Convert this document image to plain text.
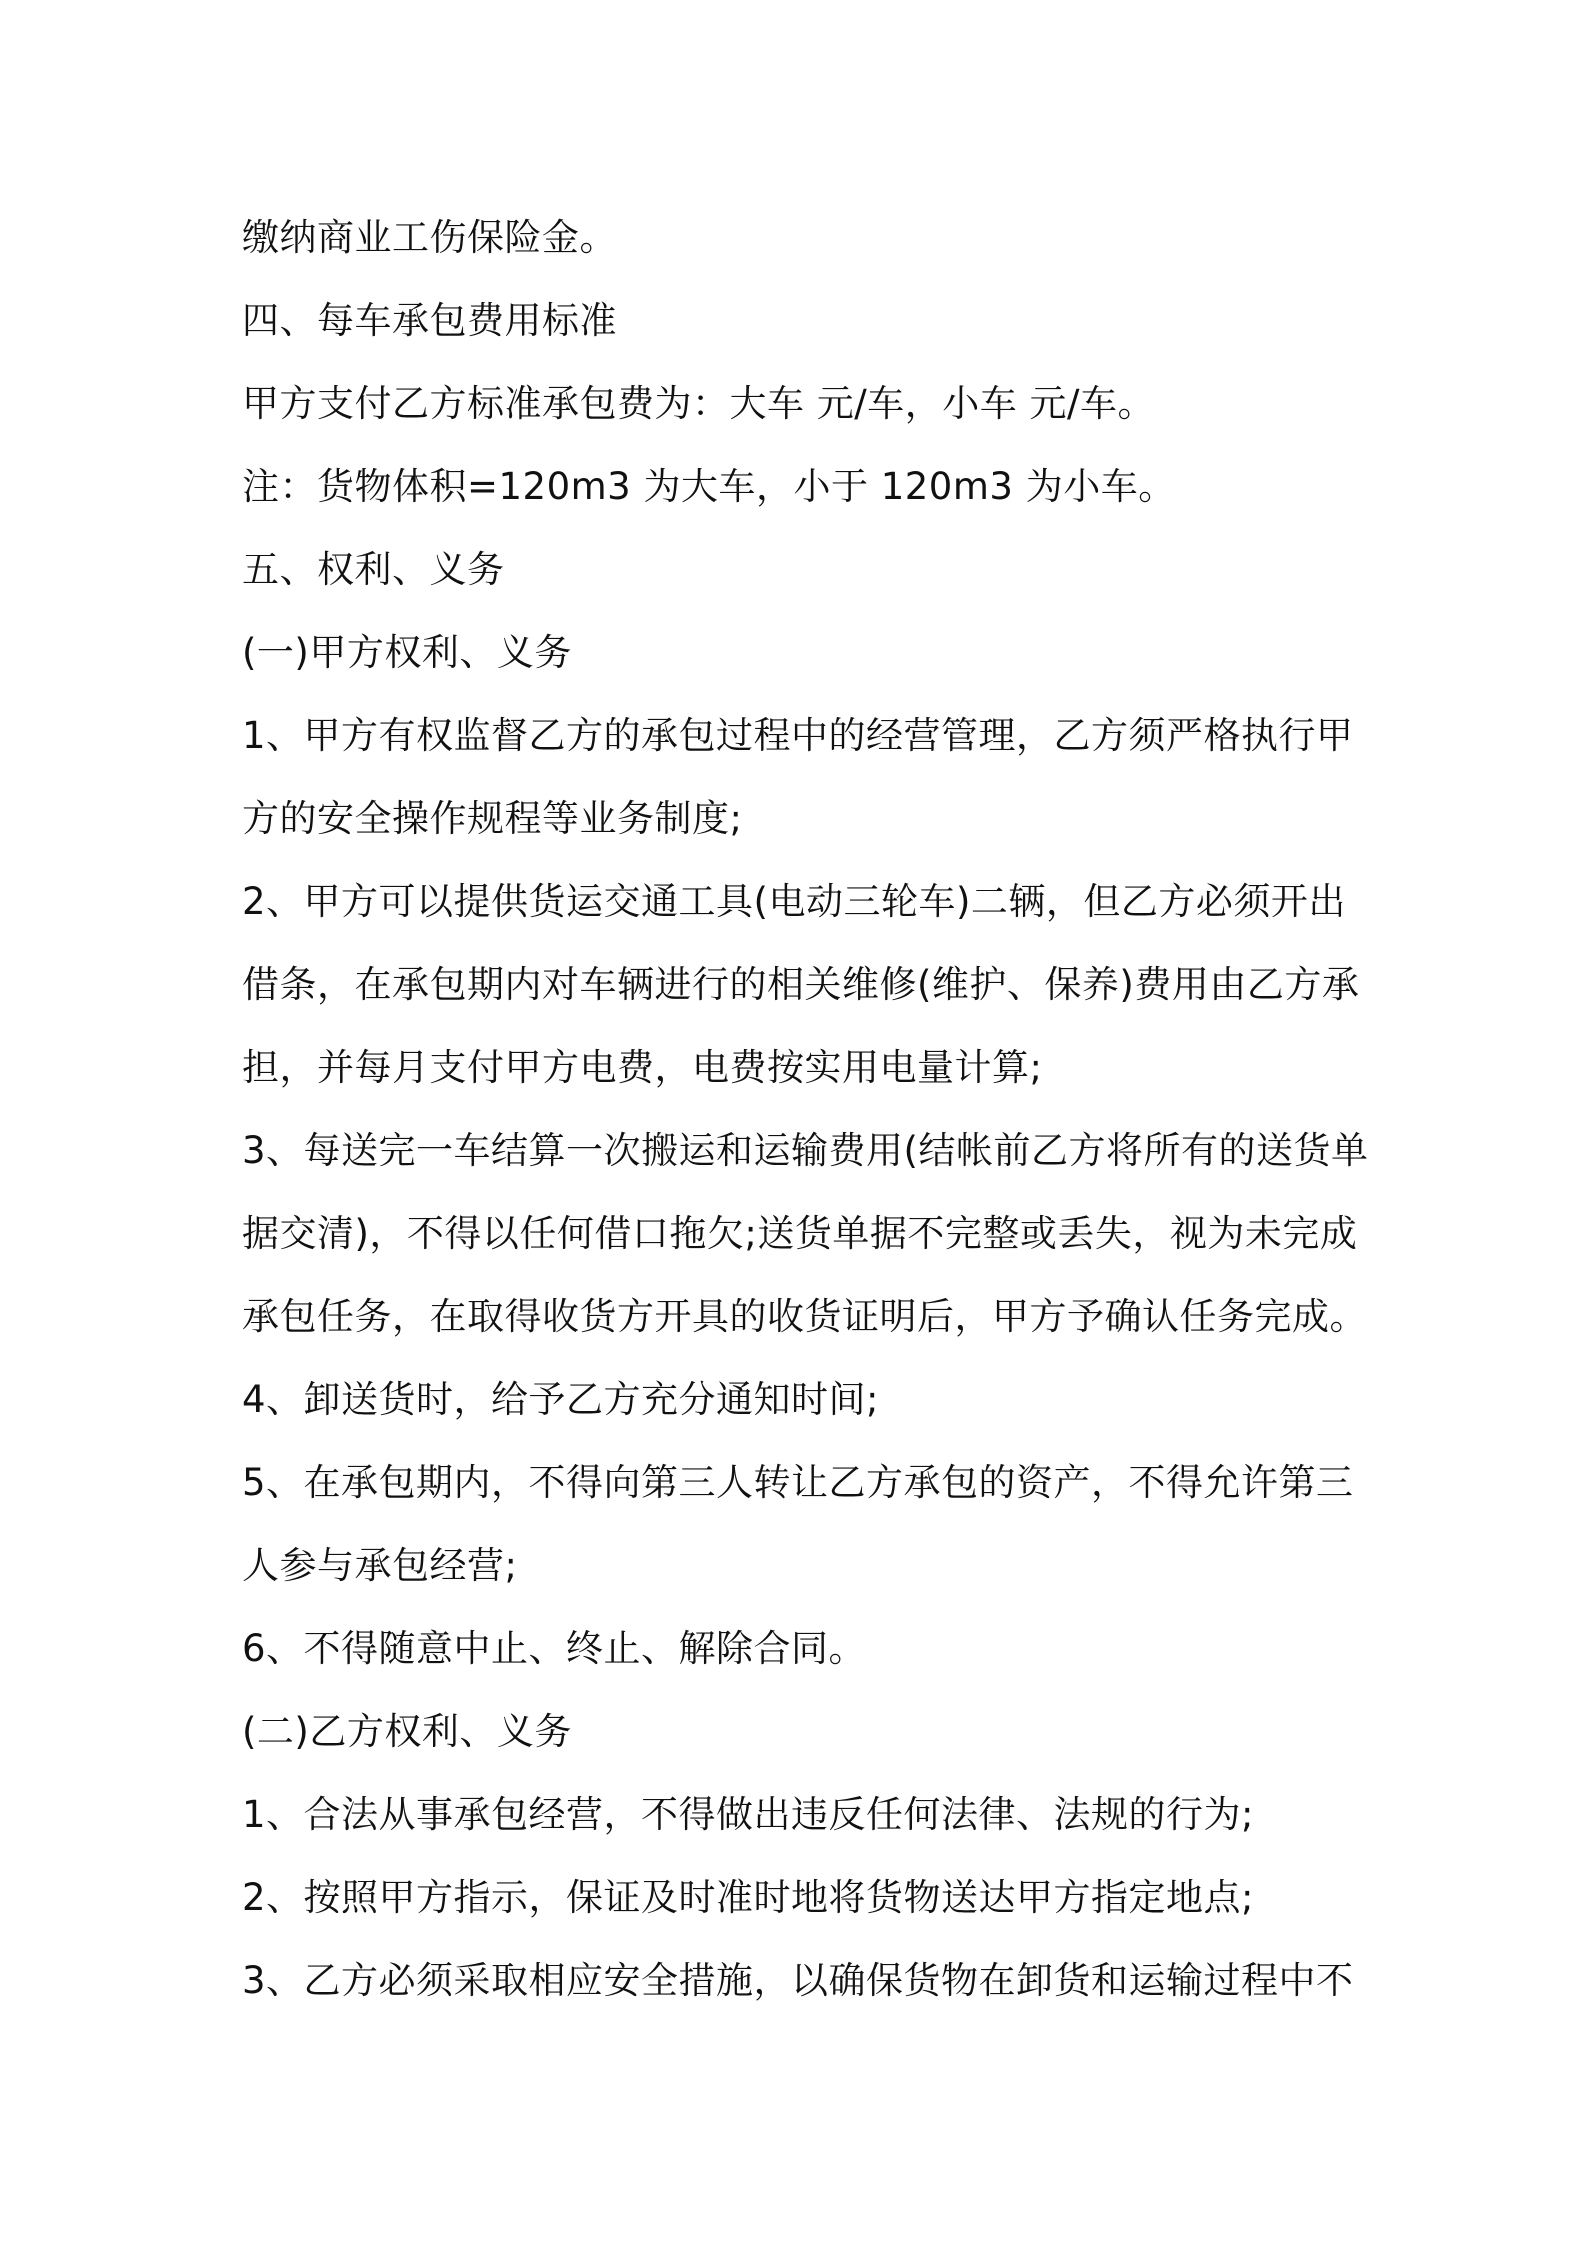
缴纳商业工伤保险金。
四、每车承包费用标准
甲方支付乙方标准承包费为：大车 元/车，小车 元/车。
注：货物体积=120m3 为大车，小于 120m3 为小车。
五、权利、义务
(一)甲方权利、义务
1、甲方有权监督乙方的承包过程中的经营管理，乙方须严格执行甲
方的安全操作规程等业务制度;
2、甲方可以提供货运交通工具(电动三轮车)二辆，但乙方必须开出
借条，在承包期内对车辆进行的相关维修(维护、保养)费用由乙方承
担，并每月支付甲方电费，电费按实用电量计算;
3、每送完一车结算一次搬运和运输费用(结帐前乙方将所有的送货单
据交清)，不得以任何借口拖欠;送货单据不完整或丢失，视为未完成
承包任务，在取得收货方开具的收货证明后，甲方予确认任务完成。
4、卸送货时，给予乙方充分通知时间;
5、在承包期内，不得向第三人转让乙方承包的资产，不得允许第三
人参与承包经营;
6、不得随意中止、终止、解除合同。
(二)乙方权利、义务
1、合法从事承包经营，不得做出违反任何法律、法规的行为;
2、按照甲方指示，保证及时准时地将货物送达甲方指定地点;
3、乙方必须采取相应安全措施，以确保货物在卸货和运输过程中不
